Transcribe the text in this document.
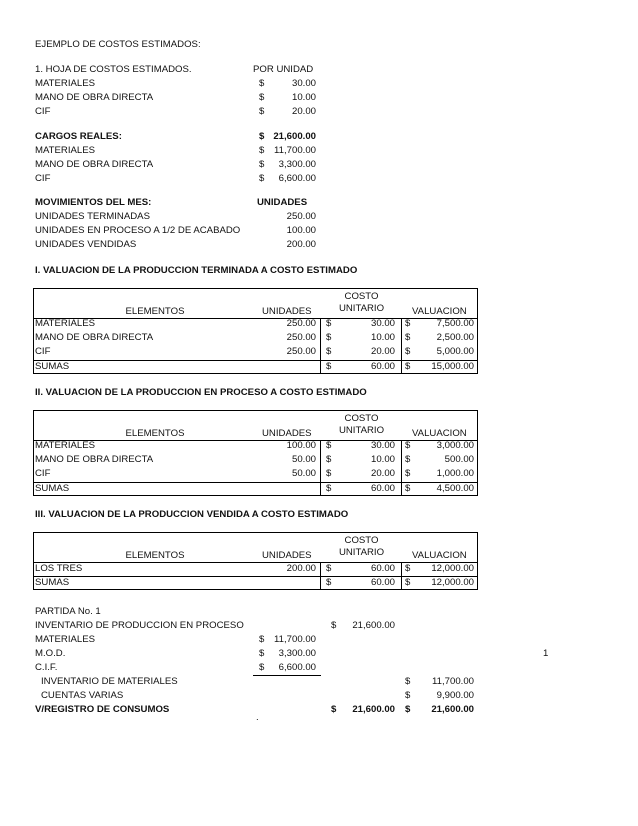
EJEMPLO DE COSTOS ESTIMADOS:
1. HOJA DE COSTOS ESTIMADOS.	POR UNIDAD
MATERIALES	$	30.00
MANO DE OBRA DIRECTA	$	10.00
CIF	$	20.00
CARGOS REALES:	$ 21,600.00
MATERIALES	$	11,700.00
MANO DE OBRA DIRECTA	$	3,300.00
CIF	$	6,600.00
MOVIMIENTOS DEL MES:	UNIDADES
UNIDADES TERMINADAS	250.00
UNIDADES EN PROCESO A 1/2 DE ACABADO	100.00
UNIDADES VENDIDAS	200.00
I. VALUACION DE LA PRODUCCION TERMINADA A COSTO ESTIMADO
COSTO
ELEMENTOS	UNIDADES	UNITARIO	VALUACION
MATERIALES	250.00 $	30.00 $	7,500.00
MANO DE OBRA DIRECTA	250.00 $	10.00 $	2,500.00
CIF	250.00 $	20.00 $	5,000.00
SUMAS	$	60.00 $	15,000.00
II. VALUACION DE LA PRODUCCION EN PROCESO A COSTO ESTIMADO
COSTO
ELEMENTOS	UNIDADES	UNITARIO	VALUACION
MATERIALES	100.00 $	30.00 $	3,000.00
MANO DE OBRA DIRECTA	50.00 $	10.00 $	500.00
CIF	50.00 $	20.00 $	1,000.00
SUMAS	$	60.00 $	4,500.00
III. VALUACION DE LA PRODUCCION VENDIDA A COSTO ESTIMADO
COSTO
ELEMENTOS	UNIDADES	UNITARIO	VALUACION
LOS TRES	200.00 $	60.00 $	12,000.00
SUMAS	$	60.00 $	12,000.00
PARTIDA No. 1
INVENTARIO DE PRODUCCION EN PROCESO	$	21,600.00
MATERIALES	$	11,700.00
M.O.D.	$	3,300.00
C.I.F.	$	6,600.00
INVENTARIO DE MATERIALES	$	11,700.00
CUENTAS VARIAS	$	9,900.00
V/REGISTRO DE CONSUMOS	$	21,600.00 $	21,600.00
1
.
